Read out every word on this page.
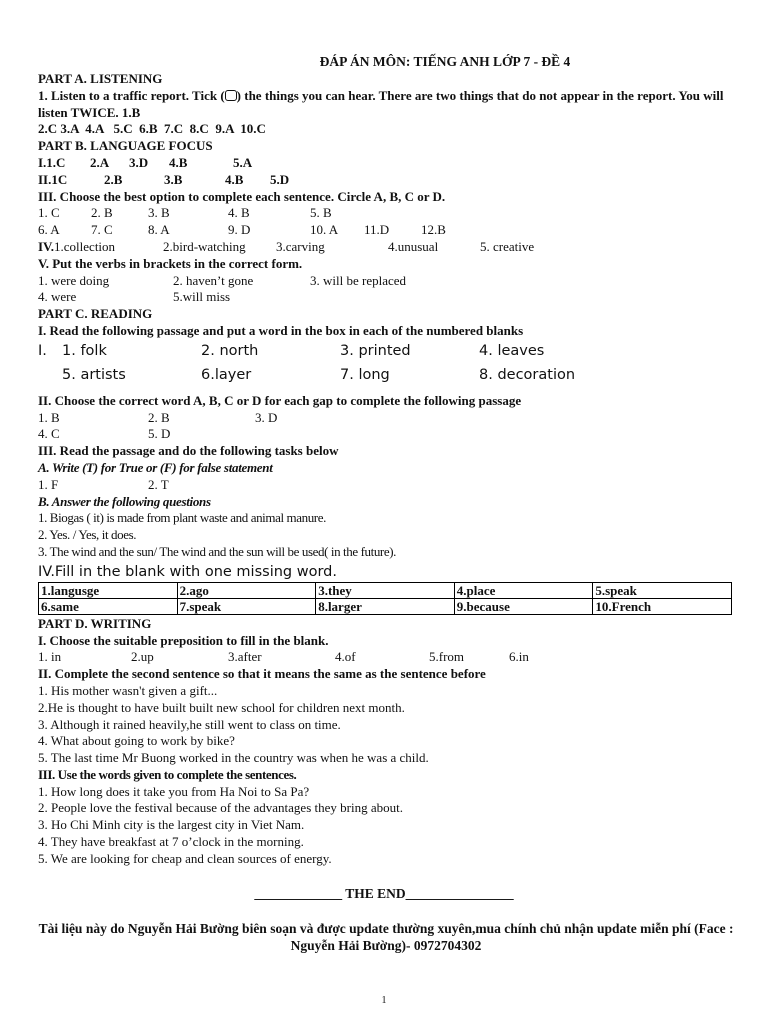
ĐÁP ÁN MÔN: TIẾNG ANH LỚP 7 - ĐỀ 4
PART A. LISTENING
1. Listen to a traffic report. Tick ( ) the things you can hear. There are two things that do not appear in the report. You will listen TWICE. 1.B
2.C 3.A  4.A   5.C  6.B  7.C  8.C  9.A  10.C
PART B. LANGUAGE FOCUS
I.1.C 2.A 3.D 4.B	5.A
II.1C	2.B	3.B	4.B 5.D
III. Choose the best option to complete each sentence. Circle A, B, C or D.
1. C 2. B	3. B	4. B	5. B
6. A 7. C	8. A	9. D	10. A 11.D 12.B
IV.1.collection	2.bird-watching 3.carving	4.unusual	5. creative
V. Put the verbs in brackets in the correct form.
1. were doing	2. haven’t gone	3. will be replaced
4. were	5.will miss
PART C. READING
I. Read the following passage and put a word in the box in each of the numbered blanks
I. 1. folk	2. north	3. printed	4. leaves
5. artists	6.layer	7. long	8. decoration
II. Choose the correct word A, B, C or D for each gap to complete the following passage
1. B	2. B	3. D
4. C	5. D
III. Read the passage and do the following tasks below
A. Write (T) for True or (F) for false statement
1. F	2. T
B. Answer the following questions
1. Biogas ( it) is made from plant waste and animal manure.
2. Yes. / Yes, it does.
3. The wind and the sun/ The wind and the sun will be used( in the future).
IV.Fill in the blank with one missing word.
1.langusge	2.ago	3.they	4.place	5.speak
6.same	7.speak	8.larger	9.because	10.French
PART D. WRITING
I. Choose the suitable preposition to fill in the blank.
1. in	2.up	3.after	4.of	5.from	6.in
II. Complete the second sentence so that it means the same as the sentence before
1. His mother wasn't given a gift...
2.He is thought to have built built new school for children next month.
3. Although it rained heavily,he still went to class on time.
4. What about going to work by bike?
5. The last time Mr Buong worked in the country was when he was a child.
III. Use the words given to complete the sentences.
1. How long does it take you from Ha Noi to Sa Pa?
2. People love the festival because of the advantages they bring about.
3. Ho Chi Minh city is the largest city in Viet Nam.
4. They have breakfast at 7 o’clock in the morning.
5. We are looking for cheap and clean sources of energy.
_____________ THE END________________
Tài liệu này do Nguyễn Hải Bường biên soạn và được update thường xuyên,mua chính chủ nhận update miễn phí (Face : Nguyễn Hải Bường)- 0972704302
1
